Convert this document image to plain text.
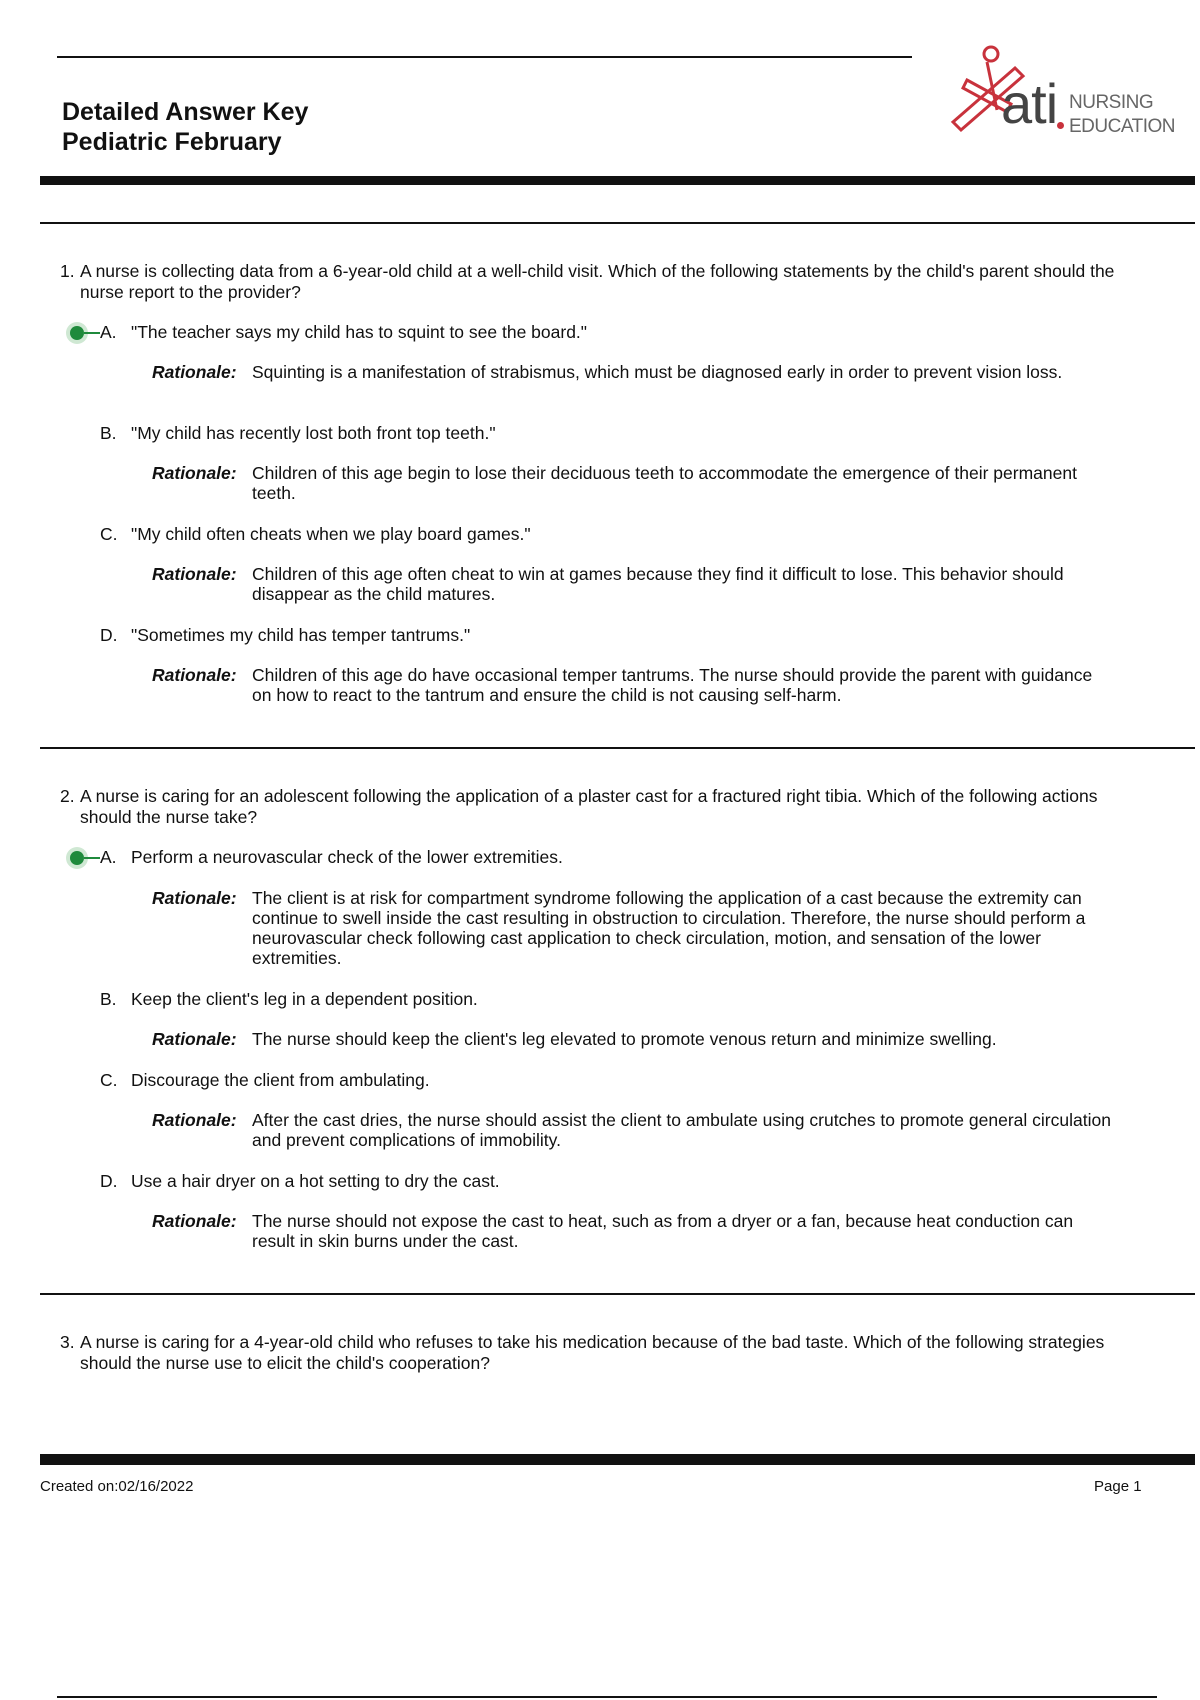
Detailed Answer Key
Pediatric February
ati NURSING
EDUCATION
1. A nurse is collecting data from a 6-year-old child at a well-child visit. Which of the following statements by the child's parent should the nurse report to the provider?
A. "The teacher says my child has to squint to see the board."
Rationale: Squinting is a manifestation of strabismus, which must be diagnosed early in order to prevent vision loss.
B. "My child has recently lost both front top teeth."
Rationale: Children of this age begin to lose their deciduous teeth to accommodate the emergence of their permanent teeth.
C. "My child often cheats when we play board games."
Rationale: Children of this age often cheat to win at games because they find it difficult to lose. This behavior should disappear as the child matures.
D. "Sometimes my child has temper tantrums."
Rationale: Children of this age do have occasional temper tantrums. The nurse should provide the parent with guidance on how to react to the tantrum and ensure the child is not causing self-harm.
2. A nurse is caring for an adolescent following the application of a plaster cast for a fractured right tibia. Which of the following actions should the nurse take?
A. Perform a neurovascular check of the lower extremities.
Rationale: The client is at risk for compartment syndrome following the application of a cast because the extremity can continue to swell inside the cast resulting in obstruction to circulation. Therefore, the nurse should perform a neurovascular check following cast application to check circulation, motion, and sensation of the lower extremities.
B. Keep the client's leg in a dependent position.
Rationale: The nurse should keep the client's leg elevated to promote venous return and minimize swelling.
C. Discourage the client from ambulating.
Rationale: After the cast dries, the nurse should assist the client to ambulate using crutches to promote general circulation and prevent complications of immobility.
D. Use a hair dryer on a hot setting to dry the cast.
Rationale: The nurse should not expose the cast to heat, such as from a dryer or a fan, because heat conduction can result in skin burns under the cast.
3. A nurse is caring for a 4-year-old child who refuses to take his medication because of the bad taste. Which of the following strategies should the nurse use to elicit the child's cooperation?
Created on:02/16/2022	Page 1
